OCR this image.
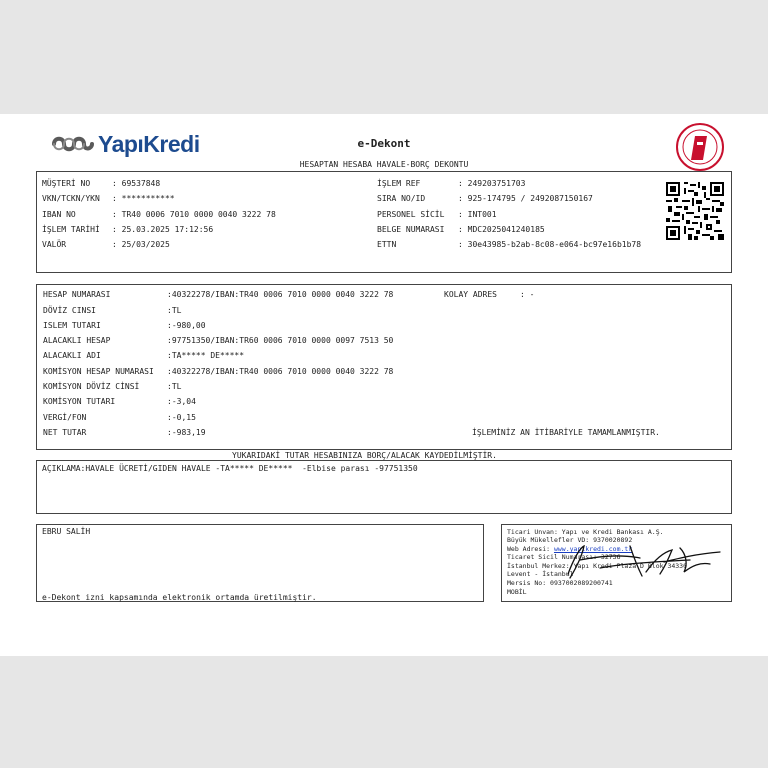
YapıKredi	e-Dekont
HESAPTAN HESABA HAVALE-BORÇ DEKONTU
MÜŞTERİ NO	: 69537848
VKN/TCKN/YKN : ***********
IBAN NO	: TR40 0006 7010 0000 0040 3222 78
İŞLEM TARİHİ : 25.03.2025 17:12:56
VALÖR	: 25/03/2025
İŞLEM REF	: 249203751703
SIRA NO/ID	: 925-174795 / 2492087150167
PERSONEL SİCİL : INT001
BELGE NUMARASI : MDC2025041240185
ETTN	: 30e43985-b2ab-8c08-e064-bc97e16b1b78
HESAP NUMARASI	:40322278/IBAN:TR40 0006 7010 0000 0040 3222 78
DÖVİZ CINSI	:TL
ISLEM TUTARI	:-980,00
ALACAKLI HESAP	:97751350/IBAN:TR60 0006 7010 0000 0097 7513 50
ALACAKLI ADI	:TA***** DE*****
KOMİSYON HESAP NUMARASI :40322278/IBAN:TR40 0006 7010 0000 0040 3222 78
KOMİSYON DÖVİZ CİNSİ	:TL
KOMİSYON TUTARI	:-3,04
VERGİ/FON	:-0,15
NET TUTAR	:-983,19
KOLAY ADRES	: -
İŞLEMİNİZ AN İTİBARİYLE TAMAMLANMIŞTIR.
YUKARIDAKİ TUTAR HESABINIZA BORÇ/ALACAK KAYDEDİLMİŞTİR.
AÇIKLAMA:HAVALE ÜCRETİ/GIDEN HAVALE -TA***** DE*****  -Elbise parası -97751350
EBRU SALİH
e-Dekont izni kapsamında elektronik ortamda üretilmiştir.
Ticari Unvan: Yapı ve Kredi Bankası A.Ş.
Büyük Mükellefler VD: 9370020892
Web Adresi: www.yapikredi.com.tr
Ticaret Sicil Numarası: 32736
İstanbul Merkez: Yapı Kredi Plaza D Blok 34330
Levent - İstanbul
Mersis No: 0937002089200741
MOBİL
